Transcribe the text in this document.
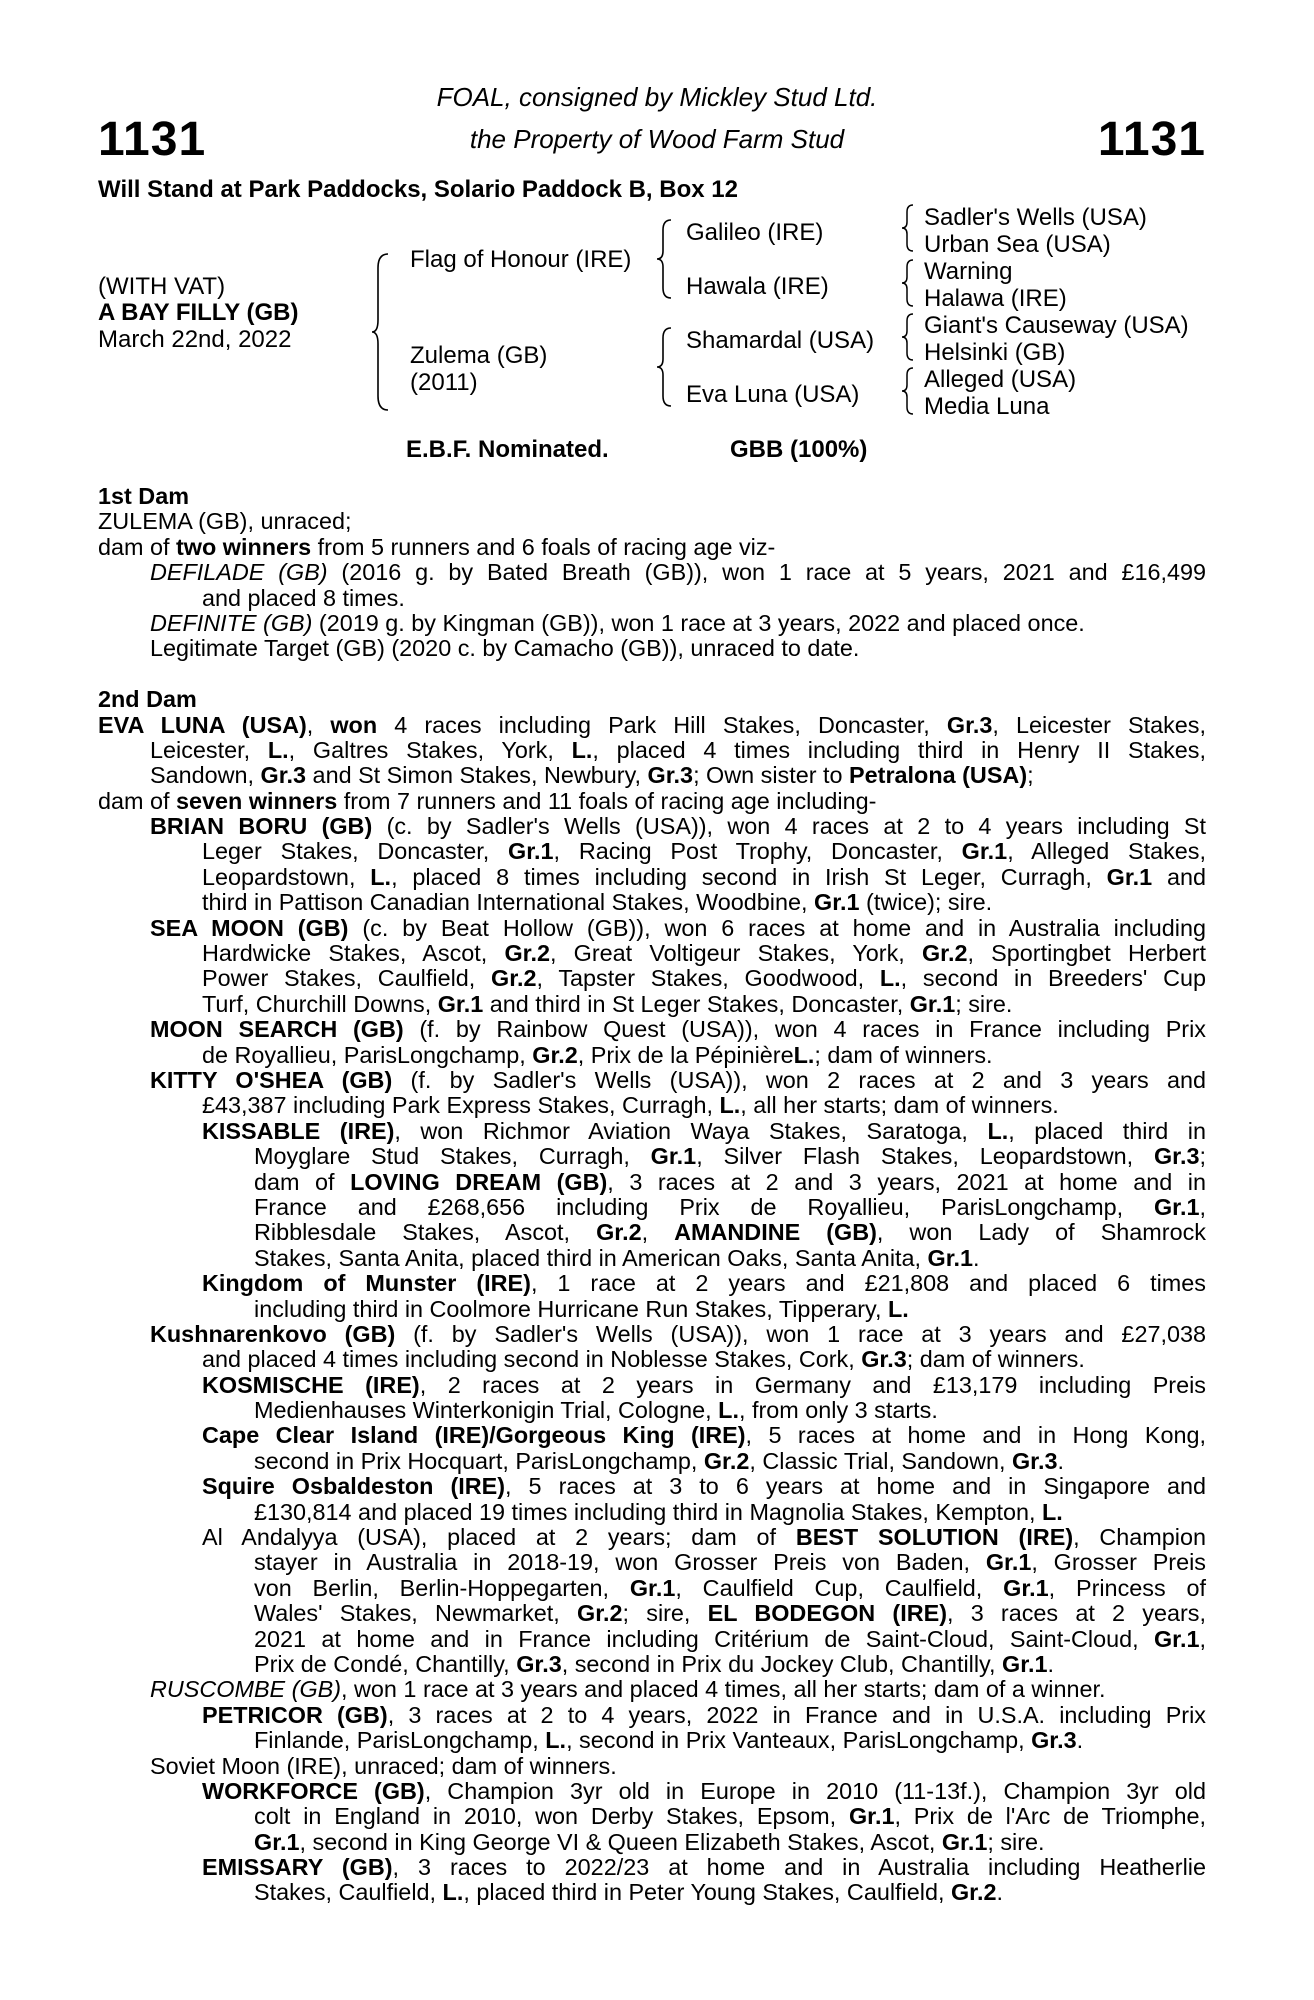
1131	1131
FOAL, consigned by Mickley Stud Ltd.
the Property of Wood Farm Stud
Will Stand at Park Paddocks, Solario Paddock B, Box 12
(WITH VAT)
A BAY FILLY (GB)
March 22nd, 2022
Flag of Honour (IRE)
Zulema (GB)
(2011)
Galileo (IRE)
Hawala (IRE)
Shamardal (USA)
Eva Luna (USA)
Sadler's Wells (USA)
Urban Sea (USA)
Warning
Halawa (IRE)
Giant's Causeway (USA)
Helsinki (GB)
Alleged (USA)
Media Luna
E.B.F. Nominated.	GBB (100%)
1st Dam
ZULEMA (GB), unraced;
dam of two winners from 5 runners and 6 foals of racing age viz-
DEFILADE (GB) (2016 g. by Bated Breath (GB)), won 1 race at 5 years, 2021 and £16,499
and placed 8 times.
DEFINITE (GB) (2019 g. by Kingman (GB)), won 1 race at 3 years, 2022 and placed once.
Legitimate Target (GB) (2020 c. by Camacho (GB)), unraced to date.
2nd Dam
EVA LUNA (USA), won 4 races including Park Hill Stakes, Doncaster, Gr.3, Leicester Stakes,
Leicester, L., Galtres Stakes, York, L., placed 4 times including third in Henry II Stakes,
Sandown, Gr.3 and St Simon Stakes, Newbury, Gr.3; Own sister to Petralona (USA);
dam of seven winners from 7 runners and 11 foals of racing age including-
BRIAN BORU (GB) (c. by Sadler's Wells (USA)), won 4 races at 2 to 4 years including St
Leger Stakes, Doncaster, Gr.1, Racing Post Trophy, Doncaster, Gr.1, Alleged Stakes,
Leopardstown, L., placed 8 times including second in Irish St Leger, Curragh, Gr.1 and
third in Pattison Canadian International Stakes, Woodbine, Gr.1 (twice); sire.
SEA MOON (GB) (c. by Beat Hollow (GB)), won 6 races at home and in Australia including
Hardwicke Stakes, Ascot, Gr.2, Great Voltigeur Stakes, York, Gr.2, Sportingbet Herbert
Power Stakes, Caulfield, Gr.2, Tapster Stakes, Goodwood, L., second in Breeders' Cup
Turf, Churchill Downs, Gr.1 and third in St Leger Stakes, Doncaster, Gr.1; sire.
MOON SEARCH (GB) (f. by Rainbow Quest (USA)), won 4 races in France including Prix
de Royallieu, ParisLongchamp, Gr.2, Prix de la PépinièreL.; dam of winners.
KITTY O'SHEA (GB) (f. by Sadler's Wells (USA)), won 2 races at 2 and 3 years and
£43,387 including Park Express Stakes, Curragh, L., all her starts; dam of winners.
KISSABLE (IRE), won Richmor Aviation Waya Stakes, Saratoga, L., placed third in
Moyglare Stud Stakes, Curragh, Gr.1, Silver Flash Stakes, Leopardstown, Gr.3;
dam of LOVING DREAM (GB), 3 races at 2 and 3 years, 2021 at home and in
France and £268,656 including Prix de Royallieu, ParisLongchamp, Gr.1,
Ribblesdale Stakes, Ascot, Gr.2, AMANDINE (GB), won Lady of Shamrock
Stakes, Santa Anita, placed third in American Oaks, Santa Anita, Gr.1.
Kingdom of Munster (IRE), 1 race at 2 years and £21,808 and placed 6 times
including third in Coolmore Hurricane Run Stakes, Tipperary, L.
Kushnarenkovo (GB) (f. by Sadler's Wells (USA)), won 1 race at 3 years and £27,038
and placed 4 times including second in Noblesse Stakes, Cork, Gr.3; dam of winners.
KOSMISCHE (IRE), 2 races at 2 years in Germany and £13,179 including Preis
Medienhauses Winterkonigin Trial, Cologne, L., from only 3 starts.
Cape Clear Island (IRE)/Gorgeous King (IRE), 5 races at home and in Hong Kong,
second in Prix Hocquart, ParisLongchamp, Gr.2, Classic Trial, Sandown, Gr.3.
Squire Osbaldeston (IRE), 5 races at 3 to 6 years at home and in Singapore and
£130,814 and placed 19 times including third in Magnolia Stakes, Kempton, L.
Al Andalyya (USA), placed at 2 years; dam of BEST SOLUTION (IRE), Champion
stayer in Australia in 2018-19, won Grosser Preis von Baden, Gr.1, Grosser Preis
von Berlin, Berlin-Hoppegarten, Gr.1, Caulfield Cup, Caulfield, Gr.1, Princess of
Wales' Stakes, Newmarket, Gr.2; sire, EL BODEGON (IRE), 3 races at 2 years,
2021 at home and in France including Critérium de Saint-Cloud, Saint-Cloud, Gr.1,
Prix de Condé, Chantilly, Gr.3, second in Prix du Jockey Club, Chantilly, Gr.1.
RUSCOMBE (GB), won 1 race at 3 years and placed 4 times, all her starts; dam of a winner.
PETRICOR (GB), 3 races at 2 to 4 years, 2022 in France and in U.S.A. including Prix
Finlande, ParisLongchamp, L., second in Prix Vanteaux, ParisLongchamp, Gr.3.
Soviet Moon (IRE), unraced; dam of winners.
WORKFORCE (GB), Champion 3yr old in Europe in 2010 (11-13f.), Champion 3yr old
colt in England in 2010, won Derby Stakes, Epsom, Gr.1, Prix de l'Arc de Triomphe,
Gr.1, second in King George VI & Queen Elizabeth Stakes, Ascot, Gr.1; sire.
EMISSARY (GB), 3 races to 2022/23 at home and in Australia including Heatherlie
Stakes, Caulfield, L., placed third in Peter Young Stakes, Caulfield, Gr.2.
